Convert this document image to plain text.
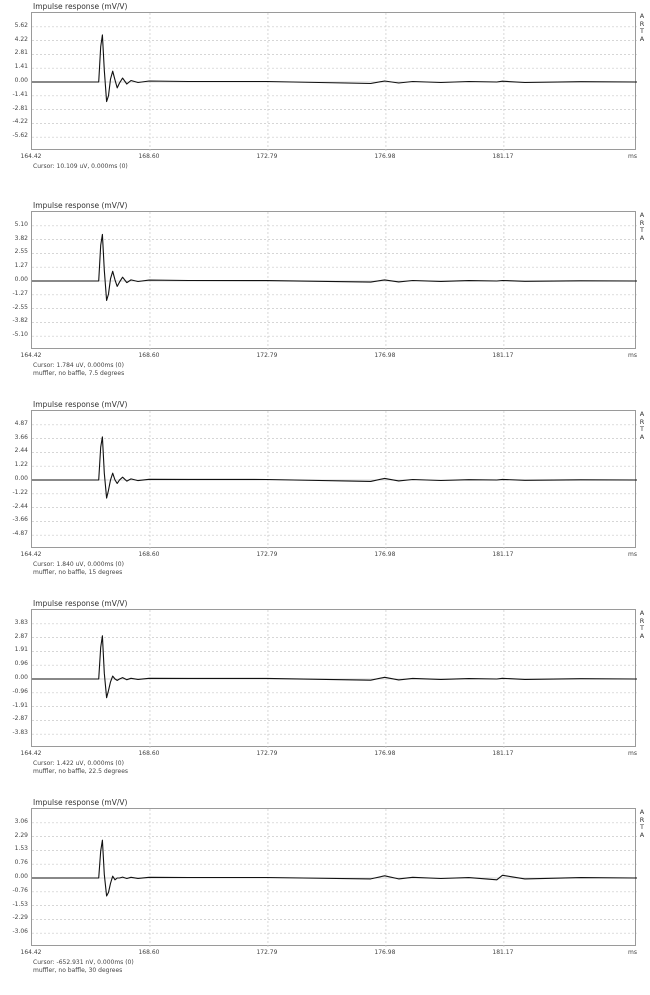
Impulse response (mV/V)
5.62
4.22
2.81
1.41
0.00
-1.41
-2.81
-4.22
-5.62
164.42	168.60	172.79	176.98	181.17	ms
A
R
T
A
Cursor: 10.109 uV, 0.000ms (0)
Impulse response (mV/V)
5.10
3.82
2.55
1.27
0.00
-1.27
-2.55
-3.82
-5.10
164.42	168.60	172.79	176.98	181.17	ms
A
R
T
A
Cursor: 1.784 uV, 0.000ms (0)
muffler, no baffle, 7.5 degrees
Impulse response (mV/V)
4.87
3.66
2.44
1.22
0.00
-1.22
-2.44
-3.66
-4.87
164.42	168.60	172.79	176.98	181.17	ms
A
R
T
A
Cursor: 1.840 uV, 0.000ms (0)
muffler, no baffle, 15 degrees
Impulse response (mV/V)
3.83
2.87
1.91
0.96
0.00
-0.96
-1.91
-2.87
-3.83
164.42	168.60	172.79	176.98	181.17	ms
A
R
T
A
Cursor: 1.422 uV, 0.000ms (0)
muffler, no baffle, 22.5 degrees
Impulse response (mV/V)
3.06
2.29
1.53
0.76
0.00
-0.76
-1.53
-2.29
-3.06
164.42	168.60	172.79	176.98	181.17	ms
A
R
T
A
Cursor: -652.931 nV, 0.000ms (0)
muffler, no baffle, 30 degrees
